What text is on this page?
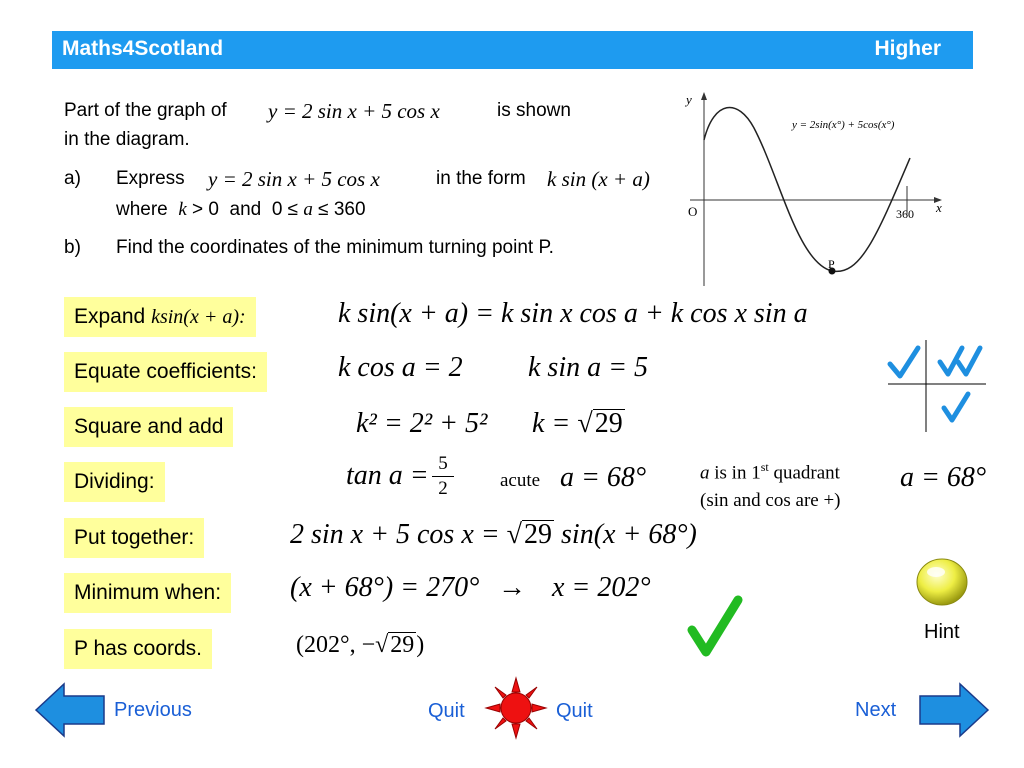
Maths4Scotland	Higher
Part of the graph of y = 2 sin x + 5 cos x	is shown
in the diagram.
a) Express y = 2 sin x + 5 cos x	in the form k sin (x + a)
where k > 0 and 0 ≤ a ≤ 360
b) Find the coordinates of the minimum turning point P.
y
x
O	360
y = 2sin(x°) + 5cos(x°)
P
Expand ksin(x + a):
Equate coefficients:
Square and add
Dividing:
Put together:
Minimum when:
P has coords.
k sin(x + a) = k sin x cos a + k cos x sin a
k cos a = 2 k sin a = 5
k² = 2² + 5² k = √29
$\tan a = \frac{5}{2}$ acute a = 68°
2 sin x + 5 cos x = √29 sin(x + 68°)
(x + 68°) = 270° → x = 202°
(202°, −√29)
a is in 1st quadrant
(sin and cos are +)
a = 68°
Hint
Previous	Quit	Quit	Next
